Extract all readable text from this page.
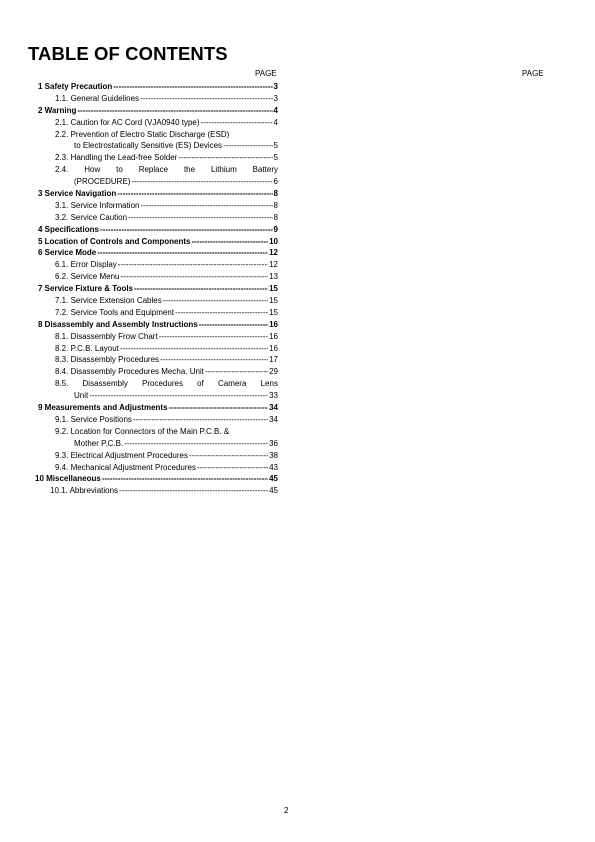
TABLE OF CONTENTS
PAGE	PAGE
1 Safety Precaution -----	3
1.1. General Guidelines -----	3
2 Warning -----	4
2.1. Caution for AC Cord (VJA0940 type) -----	4
2.2. Prevention of Electro Static Discharge (ESD)
to Electrostatically Sensitive (ES) Devices -----	5
2.3. Handling the Lead-free Solder -----	5
2.4. How to Replace the Lithium Battery
(PROCEDURE) -----	6
3 Service Navigation -----	8
3.1. Service Information -----	8
3.2. Service Caution -----	8
4 Specifications -----	9
5 Location of Controls and Components -----	10
6 Service Mode -----	12
6.1. Error Display -----	12
6.2. Service Menu -----	13
7 Service Fixture & Tools -----	15
7.1. Service Extension Cables -----	15
7.2. Service Tools and Equipment -----	15
8 Disassembly and Assembly Instructions -----	16
8.1. Disassembly Frow Chart -----	16
8.2. P.C.B. Layout -----	16
8.3. Disassembly Procedures -----	17
8.4. Disassembly Procedures Mecha. Unit -----	29
8.5. Disassembly Procedures of Camera Lens
Unit -----	33
9 Measurements and Adjustments -----	34
9.1. Service Positions -----	34
9.2. Location for Connectors of the Main P.C.B. &
Mother P.C.B. -----	36
9.3. Electrical Adjustment Procedures -----	38
9.4. Mechanical Adjustment Procedures -----	43
10 Miscellaneous -----	45
10.1. Abbreviations -----	45
2
